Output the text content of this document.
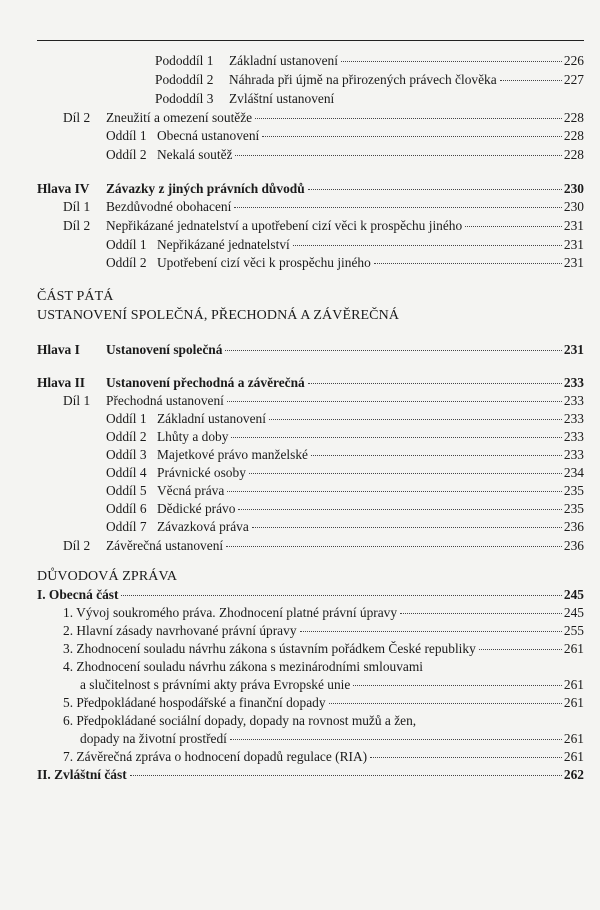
Pododdíl 1 Základní ustanovení	226
Pododdíl 2 Náhrada při újmě na přirozených právech člověka	227
Pododdíl 3 Zvláštní ustanovení
Díl 2 Zneužití a omezení soutěže	228
Oddíl 1 Obecná ustanovení	228
Oddíl 2 Nekalá soutěž	228
Hlava IV Závazky z jiných právních důvodů	230
Díl 1 Bezdůvodné obohacení	230
Díl 2 Nepřikázané jednatelství a upotřebení cizí věci k prospěchu jiného	231
Oddíl 1 Nepřikázané jednatelství	231
Oddíl 2 Upotřebení cizí věci k prospěchu jiného	231
ČÁST PÁTÁ
USTANOVENÍ SPOLEČNÁ, PŘECHODNÁ A ZÁVĚREČNÁ
Hlava I Ustanovení společná	231
Hlava II Ustanovení přechodná a závěrečná	233
Díl 1 Přechodná ustanovení	233
Oddíl 1 Základní ustanovení	233
Oddíl 2 Lhůty a doby	233
Oddíl 3 Majetkové právo manželské	233
Oddíl 4 Právnické osoby	234
Oddíl 5 Věcná práva	235
Oddíl 6 Dědické právo	235
Oddíl 7 Závazková práva	236
Díl 2 Závěrečná ustanovení	236
DŮVODOVÁ ZPRÁVA
I. Obecná část	245
1. Vývoj soukromého práva. Zhodnocení platné právní úpravy	245
2. Hlavní zásady navrhované právní úpravy	255
3. Zhodnocení souladu návrhu zákona s ústavním pořádkem České republiky	261
4. Zhodnocení souladu návrhu zákona s mezinárodními smlouvami
a slučitelnost s právními akty práva Evropské unie	261
5. Předpokládané hospodářské a finanční dopady	261
6. Předpokládané sociální dopady, dopady na rovnost mužů a žen,
dopady na životní prostředí	261
7. Závěrečná zpráva o hodnocení dopadů regulace (RIA)	261
II. Zvláštní část	262
